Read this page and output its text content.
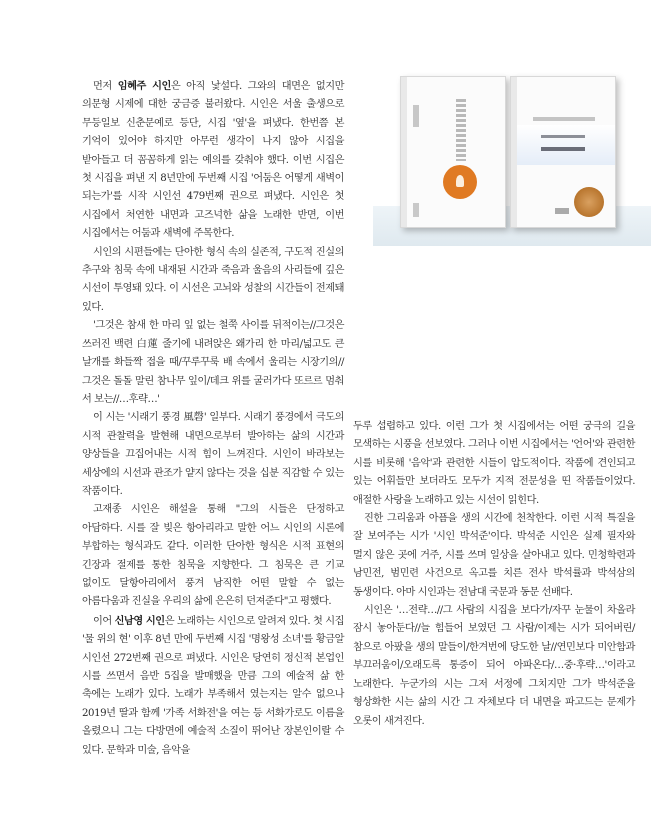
먼저 임혜주 시인은 아직 낯설다. 그와의 대면은 없지만 의문형 시제에 대한 궁금증 불러왔다. 시인은 서울 출생으로 무등일보 신춘문예로 등단, 시집 '옆'을 펴냈다. 한번쯤 본 기억이 있어야 하지만 아무런 생각이 나지 않아 시집을 받아들고 더 꼼꼼하게 읽는 예의를 갖춰야 했다. 이번 시집은 첫 시집을 펴낸 지 8년만에 두번째 시집 '어둠은 어떻게 새벽이 되는가'를 시작 시인선 479번째 권으로 펴냈다. 시인은 첫 시집에서 처연한 내면과 고즈넉한 삶을 노래한 반면, 이번 시집에서는 어둠과 새벽에 주목한다.

시인의 시편들에는 단아한 형식 속의 실존적, 구도적 진실의 추구와 침묵 속에 내재된 시간과 죽음과 울음의 사리들에 깊은 시선이 투영돼 있다. 이 시선은 고뇌와 성찰의 시간들이 전제돼 있다.

'그것은 참새 한 마리 잎 없는 철쭉 사이를 뒤적이는//그것은 쓰러진 백련 白蓮 줄기에 내려앉은 왜가리 한 마리/넓고도 큰 날개를 화들짝 접을 때/꾸루꾸룩 배 속에서 울리는 시장기의//그것은 돌돌 말린 참나무 잎이/데크 위를 굴러가다 또르르 멈춰 서 보는//…후략…'

이 시는 '시래기 풍경 風磬' 일부다. 시래기 풍경에서 극도의 시적 관찰력을 발현해 내면으로부터 발아하는 삶의 시간과 양상들을 끄집어내는 시적 힘이 느껴진다. 시인이 바라보는 세상에의 시선과 관조가 얕지 않다는 것을 십분 직감할 수 있는 작품이다.

고재종 시인은 해설을 통해 "그의 시들은 단정하고 아담하다. 시를 잘 빚은 항아리라고 말한 어느 시인의 시론에 부합하는 형식과도 같다. 이러한 단아한 형식은 시적 표현의 긴장과 절제를 통한 침묵을 지향한다. 그 침묵은 큰 기교 없이도 달항아리에서 풍겨 남직한 어떤 말할 수 없는 아름다움과 진실을 우리의 삶에 은은히 던져준다"고 평했다.

이어 신남영 시인은 노래하는 시인으로 알려져 있다. 첫 시집 '물 위의 현' 이후 8년 만에 두번째 시집 '명왕성 소녀'를 황금알 시인선 272번째 권으로 펴냈다. 시인은 당연히 정신적 본업인 시를 쓰면서 음반 5집을 발매했을 만큼 그의 예술적 삶 한 축에는 노래가 있다. 노래가 부족해서 였는지는 알수 없으나 2019년 딸과 함께 '가족 서화전'을 여는 등 서화가로도 이름을 올렸으니 그는 다방면에 예술적 소질이 뛰어난 장본인이랄 수 있다. 문학과 미술, 음악을

두루 섭렵하고 있다. 이런 그가 첫 시집에서는 어떤 궁극의 길을 모색하는 시풍을 선보였다. 그러나 이번 시집에서는 '언어'와 관련한 시를 비롯해 '음악'과 관련한 시들이 압도적이다. 작품에 견인되고 있는 어휘들만 보더라도 모두가 지적 전문성을 띤 작품들이었다. 애절한 사랑을 노래하고 있는 시선이 읽힌다.

진한 그리움과 아픔을 생의 시간에 천착한다. 이런 시적 특질을 잘 보여주는 시가 '시인 박석준'이다. 박석준 시인은 실제 필자와 멀지 않은 곳에 거주, 시를 쓰며 일상을 살아내고 있다. 민청학련과 남민전, 범민련 사건으로 옥고를 치른 전사 박석률과 박석삼의 동생이다. 아마 시인과는 전남대 국문과 동문 선배다.

시인은 '…전략…//그 사람의 시집을 보다가/자꾸 눈물이 차올라 잠시 놓아둔다//늘 힘들어 보였던 그 사람/이제는 시가 되어버린/참으로 아팠을 생의 말들이/한겨번에 당도한 날//연민보다 미안함과 부끄러움이/오래도록 통증이 되어 아파온다/…중·후략…'이라고 노래한다. 누군가의 시는 그저 서정에 그치지만 그가 박석준을 형상화한 시는 삶의 시간 그 자체보다 더 내면을 파고드는 문제가 오롯이 새겨진다.
